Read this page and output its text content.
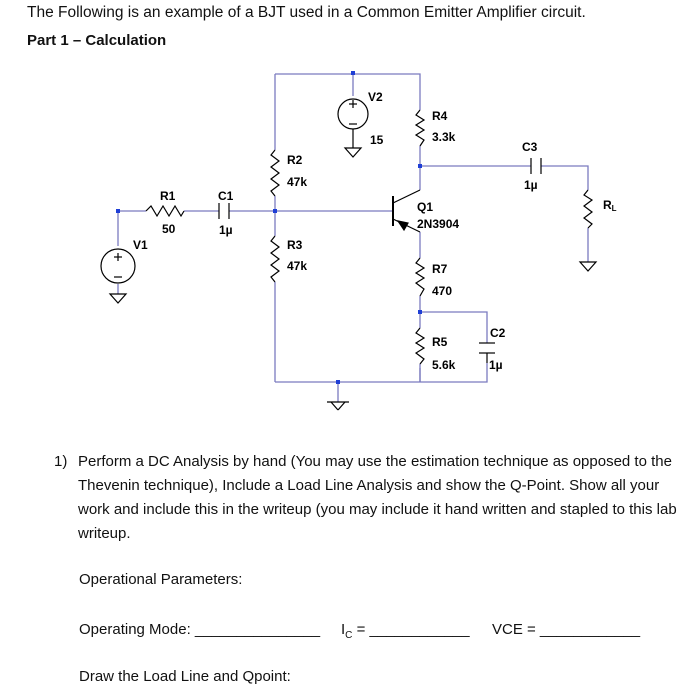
The Following is an example of a BJT used in a Common Emitter Amplifier circuit.
Part 1 – Calculation
V2
15
R4
3.3k
R2
47k
R3
47k
R1
50
C1
1µ
V1
Q1
2N3904
C3
1µ
RL
R7
470
R5
5.6k
C2
1µ
1) Perform a DC Analysis by hand (You may use the estimation technique as opposed to the Thevenin technique), Include a Load Line Analysis and show the Q-Point. Show all your work and include this in the writeup (you may include it hand written and stapled to this lab writeup.
Operational Parameters:
Operating Mode: _______________ $I_C$ = ____________ VCE = ____________
Draw the Load Line and Qpoint:
